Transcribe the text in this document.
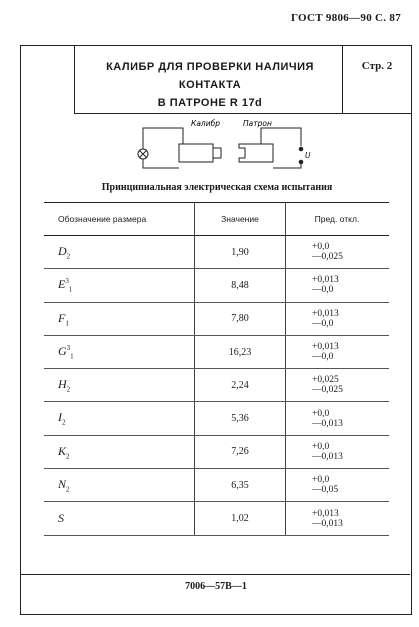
ГОСТ 9806—90 С. 87
КАЛИБР ДЛЯ ПРОВЕРКИ НАЛИЧИЯ КОНТАКТА
В ПАТРОНЕ R 17d
Стр. 2
Калибр	Патрон
U
Принципиальная электрическая схема испытания
Обозначение размера	Значение	Пред. откл.
$D_2$	1,90	+0,0
—0,025

$E^3_1$	8,48	+0,013
—0,0

$F_1$	7,80	+0,013
—0,0

$G^3_1$	16,23	+0,013
—0,0

$H_2$	2,24	+0,025
—0,025

$I_2$	5,36	+0,0
—0,013

$K_2$	7,26	+0,0
—0,013

$N_2$	6,35	+0,0
—0,05

S	1,02	+0,013
—0,013
7006—57В—1
